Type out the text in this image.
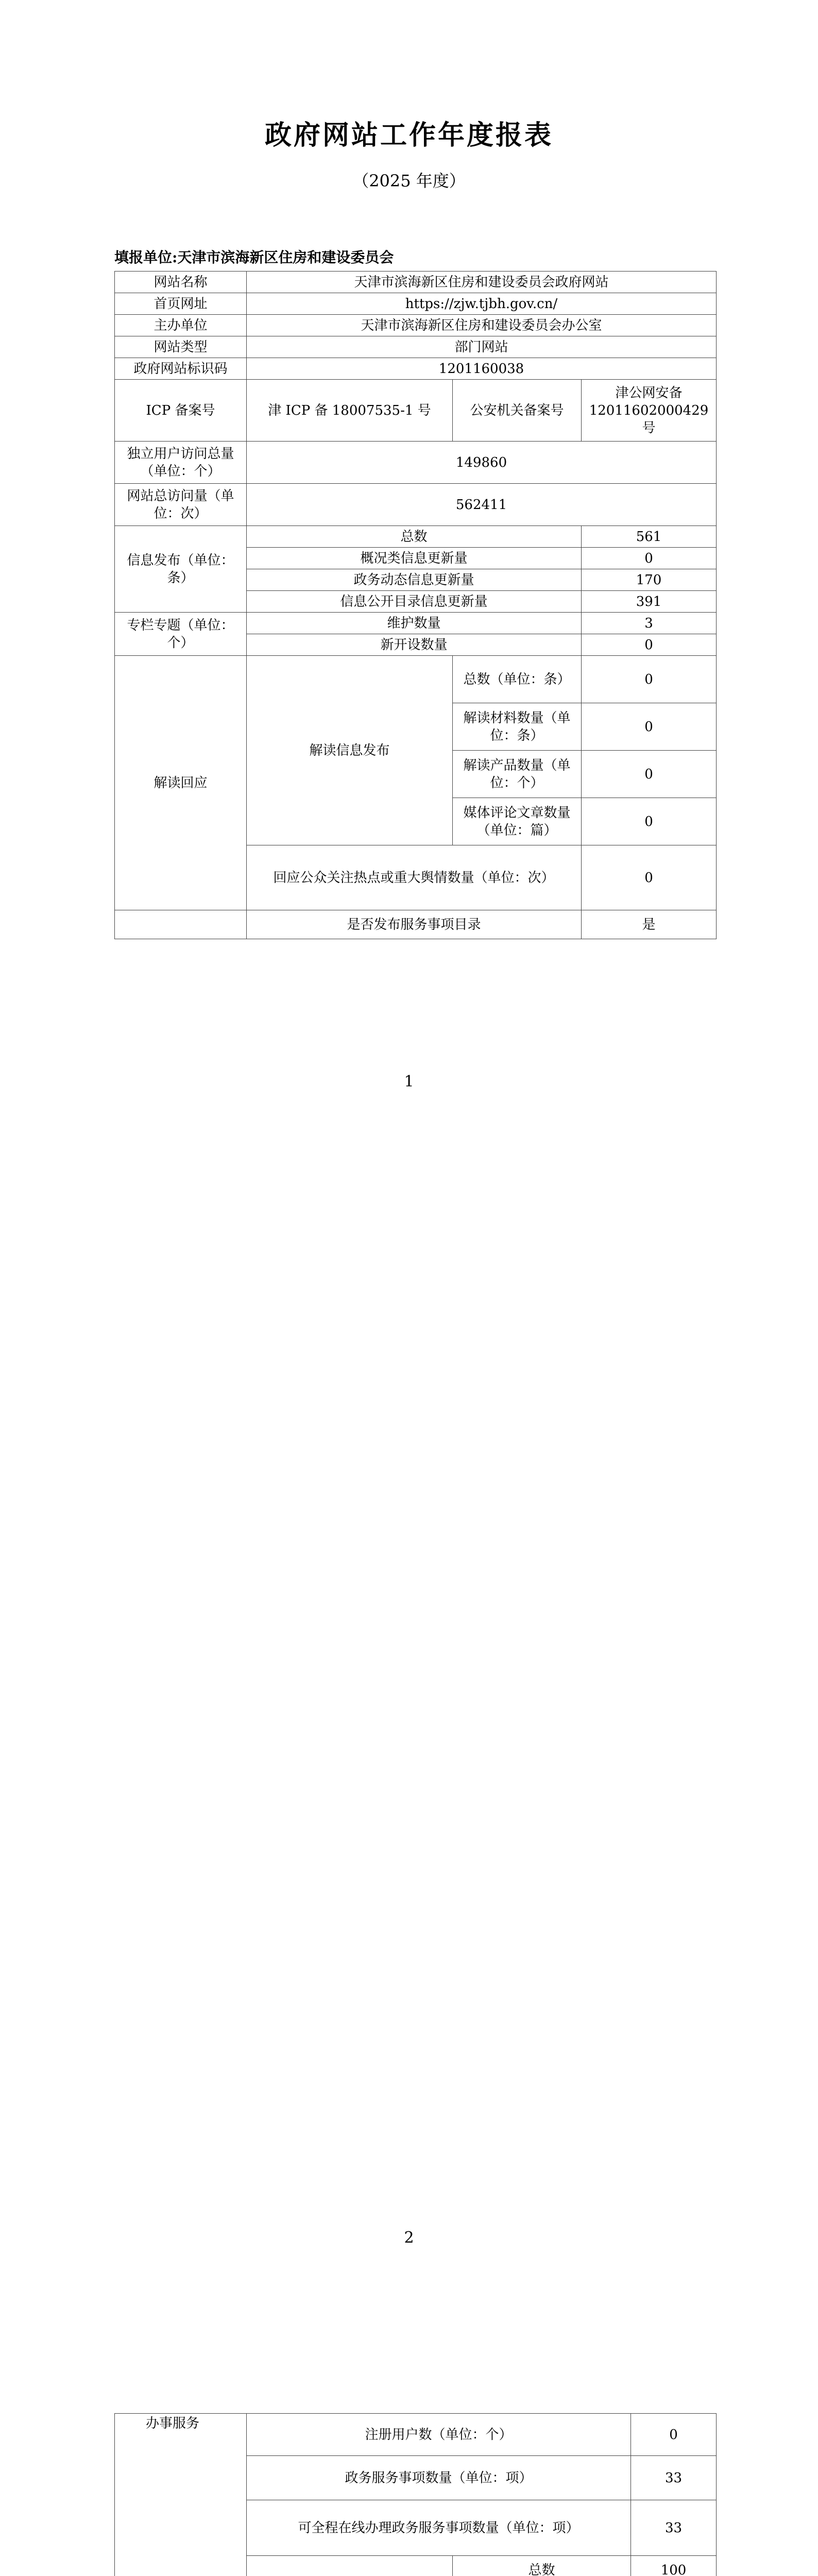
政府网站工作年度报表
（2025 年度）
填报单位:天津市滨海新区住房和建设委员会
网站名称	天津市滨海新区住房和建设委员会政府网站		
首页网址	https://zjw.tjbh.gov.cn/		
主办单位	天津市滨海新区住房和建设委员会办公室		
网站类型	部门网站		
政府网站标识码	1201160038		
ICP 备案号	津 ICP 备 18007535-1 号	公安机关备案号	津公网安备12011602000429 号
独立用户访问总量（单位：个）	149860		
网站总访问量（单位：次）	562411		
信息发布（单位：条）	总数		561
	概况类信息更新量		0
	政务动态信息更新量		170
	信息公开目录信息更新量		391
专栏专题（单位：个）	维护数量		3
	新开设数量		0
解读回应	解读信息发布	总数（单位：条）	0
		解读材料数量（单位：条）	0
		解读产品数量（单位：个）	0
		媒体评论文章数量（单位：篇）	0
	回应公众关注热点或重大舆情数量（单位：次）		0
	是否发布服务事项目录		是
1
办事服务	注册用户数（单位：个）		0	
	政务服务事项数量（单位：项）		33	
	可全程在线办理政务服务事项数量（单位：项）		33	
	总数	100	

2
